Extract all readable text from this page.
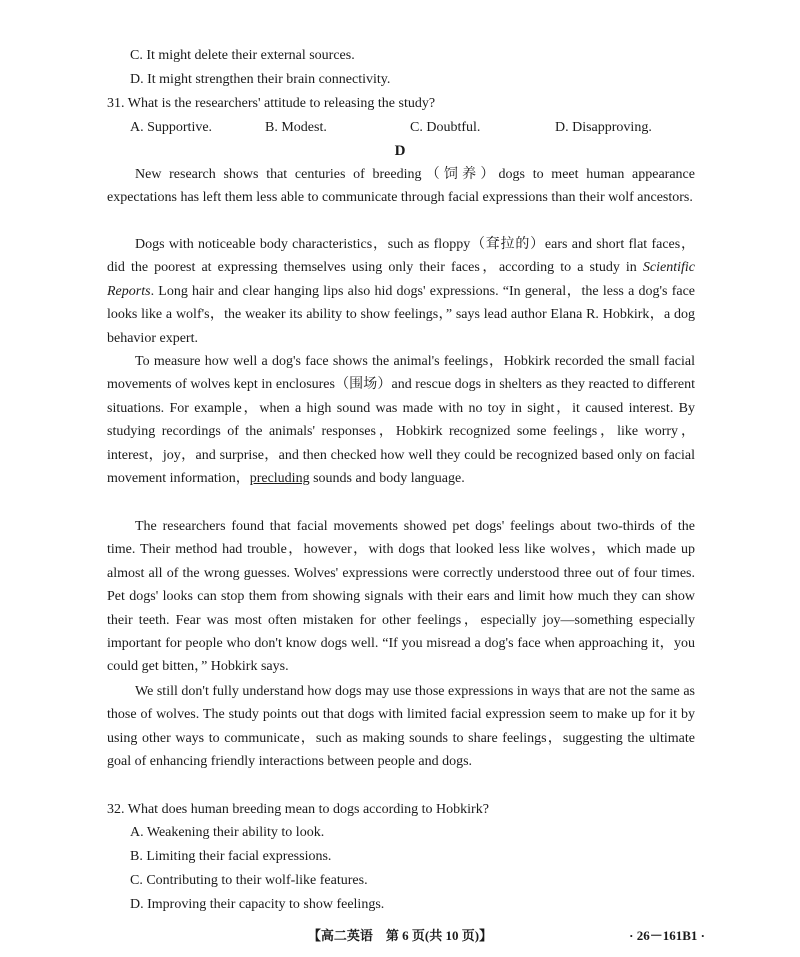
C. It might delete their external sources.
D. It might strengthen their brain connectivity.
31. What is the researchers' attitude to releasing the study?
A. Supportive.	B. Modest.	C. Doubtful.	D. Disapproving.
D

New research shows that centuries of breeding（饲养）dogs to meet human appearance expectations has left them less able to communicate through facial expressions than their wolf ancestors.

Dogs with noticeable body characteristics，such as floppy（耷拉的）ears and short flat faces，did the poorest at expressing themselves using only their faces，according to a study in Scientific Reports. Long hair and clear hanging lips also hid dogs' expressions. “In general，the less a dog's face looks like a wolf's，the weaker its ability to show feelings，” says lead author Elana R. Hobkirk，a dog behavior expert.

To measure how well a dog's face shows the animal's feelings，Hobkirk recorded the small facial movements of wolves kept in enclosures（围场）and rescue dogs in shelters as they reacted to different situations. For example，when a high sound was made with no toy in sight，it caused interest. By studying recordings of the animals' responses，Hobkirk recognized some feelings，like worry，interest，joy，and surprise，and then checked how well they could be recognized based only on facial movement information，precluding sounds and body language.

The researchers found that facial movements showed pet dogs' feelings about two-thirds of the time. Their method had trouble，however，with dogs that looked less like wolves，which made up almost all of the wrong guesses. Wolves' expressions were correctly understood three out of four times. Pet dogs' looks can stop them from showing signals with their ears and limit how much they can show their teeth. Fear was most often mistaken for other feelings，especially joy—something especially important for people who don't know dogs well. “If you misread a dog's face when approaching it，you could get bitten，” Hobkirk says.

We still don't fully understand how dogs may use those expressions in ways that are not the same as those of wolves. The study points out that dogs with limited facial expression seem to make up for it by using other ways to communicate，such as making sounds to share feelings，suggesting the ultimate goal of enhancing friendly interactions between people and dogs.

32. What does human breeding mean to dogs according to Hobkirk?
A. Weakening their ability to look.
B. Limiting their facial expressions.
C. Contributing to their wolf-like features.
D. Improving their capacity to show feelings.
【高二英语　第 6 页(共 10 页)】	· 26－161B1 ·
